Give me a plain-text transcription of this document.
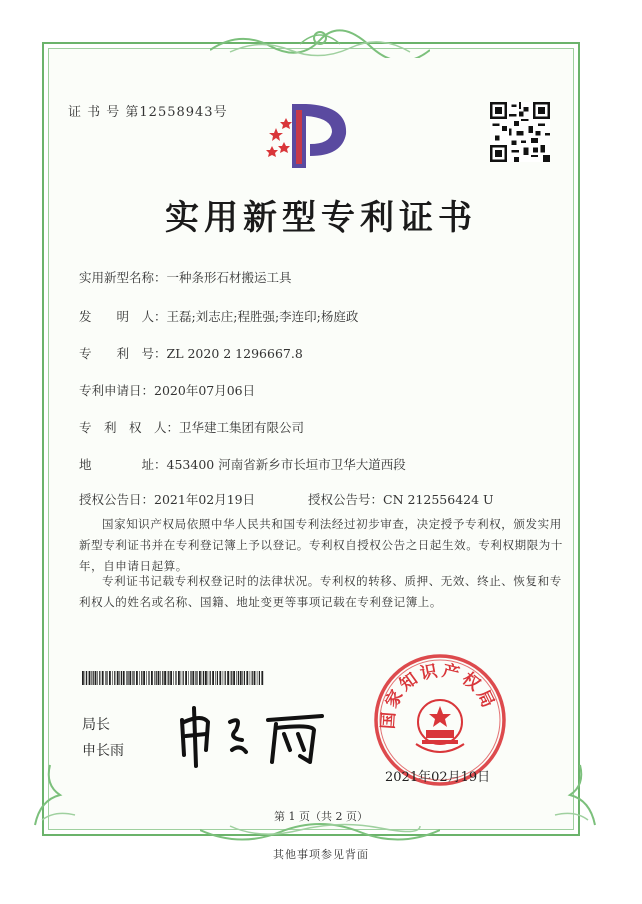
证 书 号 第12558943号
实用新型专利证书
实用新型名称：一种条形石材搬运工具
发　　明　人：王磊;刘志庄;程胜强;李连印;杨庭政
专　　利　号：ZL 2020 2 1296667.8
专利申请日：2020年07月06日
专　利　权　人：卫华建工集团有限公司
地　　　　址：453400 河南省新乡市长垣市卫华大道西段
授权公告日：2021年02月19日	授权公告号：CN 212556424 U
国家知识产权局依照中华人民共和国专利法经过初步审查，决定授予专利权，颁发实用新型专利证书并在专利登记簿上予以登记。专利权自授权公告之日起生效。专利权期限为十年，自申请日起算。
专利证书记载专利权登记时的法律状况。专利权的转移、质押、无效、终止、恢复和专利权人的姓名或名称、国籍、地址变更等事项记载在专利登记簿上。
局长
申长雨
国家知识产权局
2021年02月19日
第 1 页（共 2 页）
其他事项参见背面
